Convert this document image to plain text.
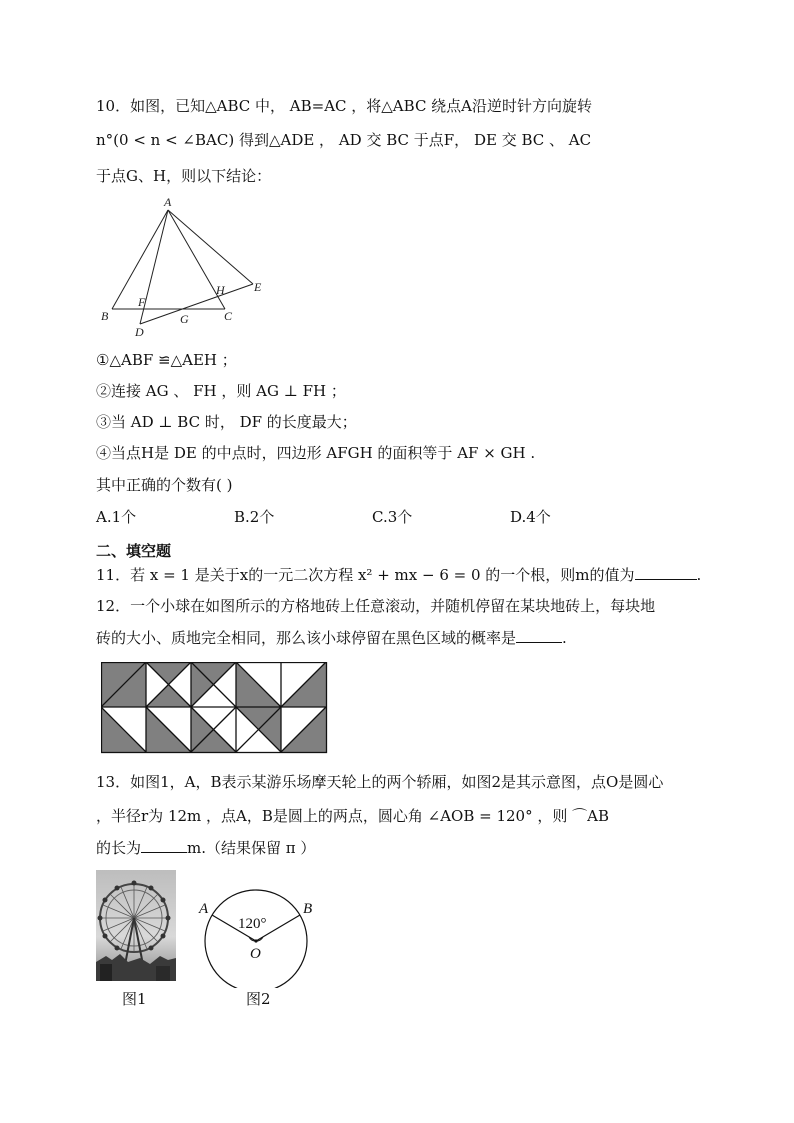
10．如图，已知△ABC 中， AB=AC ，将△ABC 绕点A沿逆时针方向旋转
n°(0 < n < ∠BAC) 得到△ADE ， AD 交 BC 于点F， DE 交 BC 、 AC
于点G、H，则以下结论：
A
B	C
D
E
F
G
H
①△ABF ≌△AEH ；
②连接 AG 、 FH ，则 AG ⊥ FH ；
③当 AD ⊥ BC 时， DF 的长度最大；
④当点H是 DE 的中点时，四边形 AFGH 的面积等于 AF × GH .
其中正确的个数有( )
A.1个	B.2个	C.3个	D.4个
二、填空题
11．若 x = 1 是关于x的一元二次方程 x² + mx − 6 = 0 的一个根，则m的值为	.
12．一个小球在如图所示的方格地砖上任意滚动，并随机停留在某块地砖上，每块地
砖的大小、质地完全相同，那么该小球停留在黑色区域的概率是	.
13．如图1，A，B表示某游乐场摩天轮上的两个轿厢，如图2是其示意图，点O是圆心
，半径r为 12m ，点A，B是圆上的两点，圆心角 ∠AOB = 120° ，则 ⌒AB
的长为	m.（结果保留 π ）
图1
A	B
O
120°
图2
